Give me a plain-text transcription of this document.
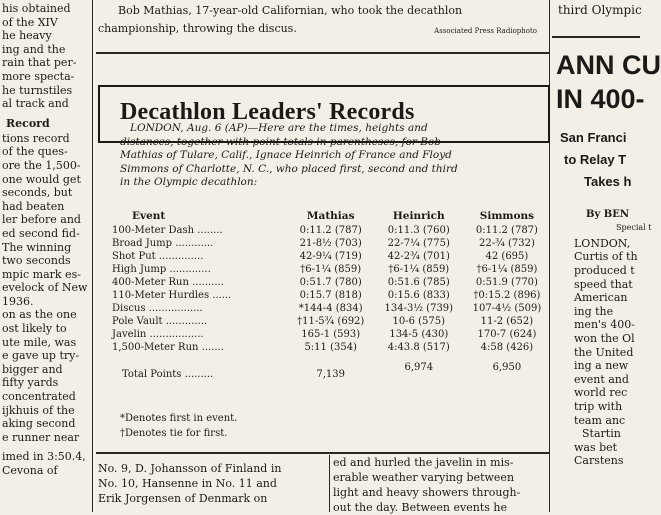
his obtained
of the XIV
he heavy
ing and the
rain that per-
more specta-
he turnstiles
al track and
Record
tions record
of the ques-
ore the 1,500-
one would get
seconds, but
had beaten
ler before and
ed second fid-
The winning
two seconds
mpic mark es-
evelock of New
1936.
on as the one
ost likely to
ute mile, was
e gave up try-
bigger and
fifty yards
concentrated
ijkhuis of the
aking second
e runner near
imed in 3:50.4,
Cevona of
Bob Mathias, 17-year-old Californian, who took the decathlon
championship, throwing the discus.	Associated Press Radiophoto
Decathlon Leaders' Records
LONDON, Aug. 6 (AP)—Here are the times, heights and
distances, together with point totals in parentheses, for Bob
Mathias of Tulare, Calif., Ignace Heinrich of France and Floyd
Simmons of Charlotte, N. C., who placed first, second and third
in the Olympic decathlon:
Event	Mathias	Heinrich	Simmons
100-Meter Dash ........	0:11.2 (787)	0:11.3 (760)	0:11.2 (787)
Broad Jump ............	21-8½ (703)	22-7¼ (775)	22-¾ (732)
Shot Put ..............	42-9¼ (719)	42-2¾ (701)	42 (695)
High Jump .............	†6-1¼ (859)	†6-1¼ (859)	†6-1¼ (859)
400-Meter Run ..........	0:51.7 (780)	0:51.6 (785)	0:51.9 (770)
110-Meter Hurdles ......	0:15.7 (818)	0:15.6 (833)	†0:15.2 (896)
Discus .................	*144-4 (834)	134-3½ (739)	107-4½ (509)
Pole Vault .............	†11-5¾ (692)	10-6 (575)	11-2 (652)
Javelin .................	165-1 (593)	134-5 (430)	170-7 (624)
1,500-Meter Run .......	5:11 (354)	4:43.8 (517)	4:58 (426)
Total Points .........	7,139	6,974	6,950
*Denotes first in event.
†Denotes tie for first.
No. 9, D. Johansson of Finland in
No. 10, Hansenne in No. 11 and
Erik Jorgensen of Denmark on
ed and hurled the javelin in mis-
erable weather varying between
light and heavy showers through-
out the day. Between events he
third Olympic
ANN CU
IN 400-
San Franci
to Relay T
Takes h
By BEN
Special t
LONDON,
Curtis of th
produced t
speed that
American
ing the
men's 400-
won the Ol
the United
ing a new
event and
world rec
trip with
team anc
Startin
was bet
Carstens
